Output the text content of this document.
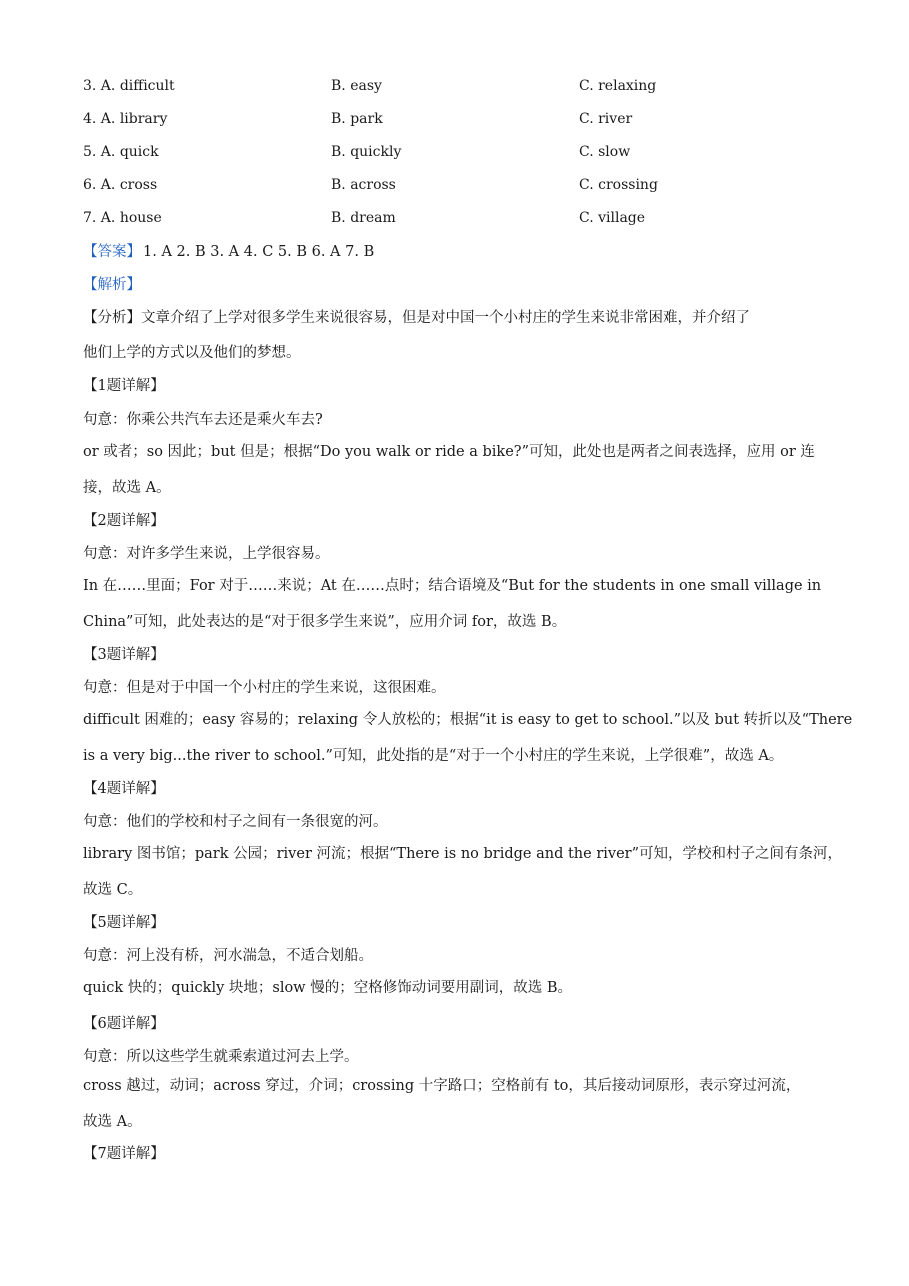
3. A. difficult	B. easy	C. relaxing
4. A. library	B. park	C. river
5. A. quick	B. quickly	C. slow
6. A. cross	B. across	C. crossing
7. A. house	B. dream	C. village
【答案】 1. A 2. B 3. A 4. C 5. B 6. A 7. B
【解析】
【分析】文章介绍了上学对很多学生来说很容易，但是对中国一个小村庄的学生来说非常困难，并介绍了
他们上学的方式以及他们的梦想。
【1题详解】
句意：你乘公共汽车去还是乘火车去?
or 或者；so 因此；but 但是；根据“Do you walk or ride a bike?”可知，此处也是两者之间表选择，应用 or 连
接，故选 A。
【2题详解】
句意：对许多学生来说，上学很容易。
In 在……里面；For 对于……来说；At 在……点时；结合语境及“But for the students in one small village in
China”可知，此处表达的是“对于很多学生来说”，应用介词 for，故选 B。
【3题详解】
句意：但是对于中国一个小村庄的学生来说，这很困难。
difficult 困难的；easy 容易的；relaxing 令人放松的；根据“it is easy to get to school.”以及 but 转折以及“There
is a very big...the river to school.”可知，此处指的是“对于一个小村庄的学生来说，上学很难”，故选 A。
【4题详解】
句意：他们的学校和村子之间有一条很宽的河。
library 图书馆；park 公园；river 河流；根据“There is no bridge and the river”可知，学校和村子之间有条河，
故选 C。
【5题详解】
句意：河上没有桥，河水湍急，不适合划船。
quick 快的；quickly 块地；slow 慢的；空格修饰动词要用副词，故选 B。
【6题详解】
句意：所以这些学生就乘索道过河去上学。
cross 越过，动词；across 穿过，介词；crossing 十字路口；空格前有 to，其后接动词原形，表示穿过河流，
故选 A。
【7题详解】
